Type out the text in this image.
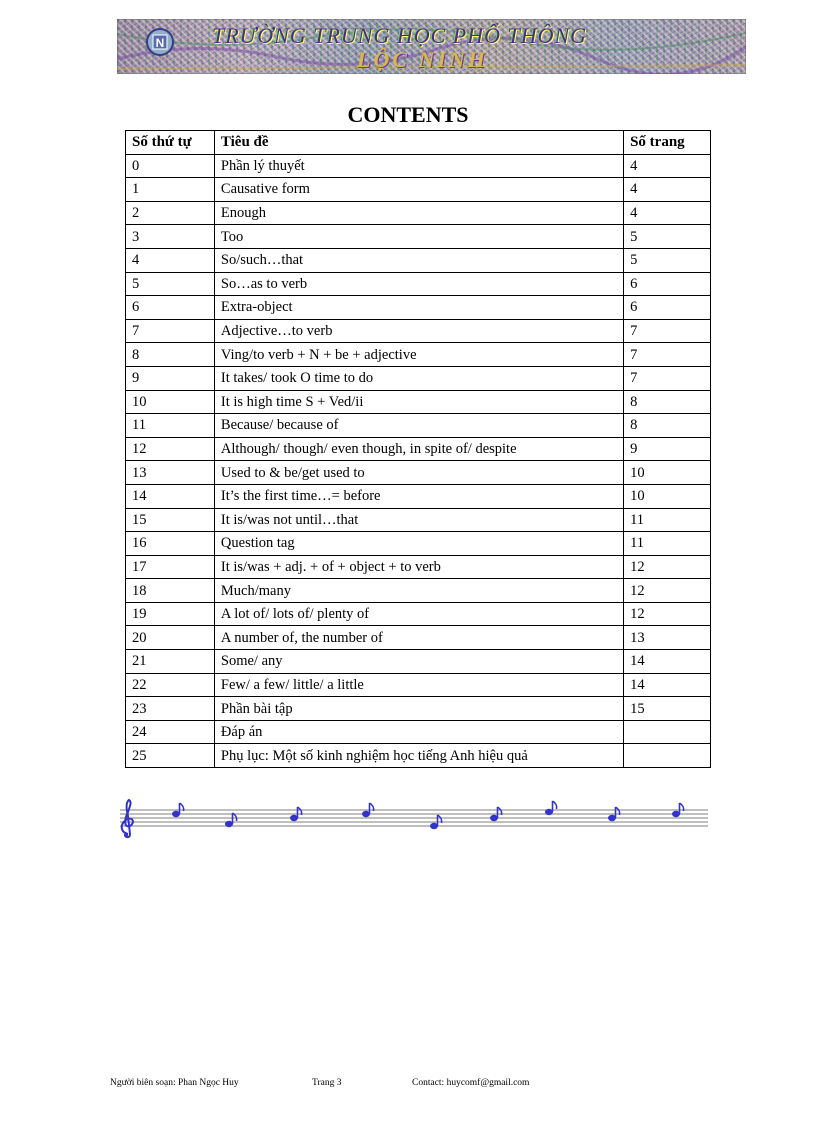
N TRƯỜNG TRUNG HỌC PHỔ THÔNG
LỘC NINH
CONTENTS
Số thứ tự	Tiêu đề	Số trang
0	Phần lý thuyết	4
1	Causative form	4
2	Enough	4
3	Too	5
4	So/such…that	5
5	So…as to verb	6
6	Extra-object	6
7	Adjective…to verb	7
8	Ving/to verb + N + be + adjective	7
9	It takes/ took O time to do	7
10	It is high time S + Ved/ii	8
11	Because/ because of	8
12	Although/ though/ even though, in spite of/ despite	9
13	Used to & be/get used to	10
14	It’s the first time…= before	10
15	It is/was not until…that	11
16	Question tag	11
17	It is/was + adj. + of + object + to verb	12
18	Much/many	12
19	A lot of/ lots of/ plenty of	12
20	A number of, the number of	13
21	Some/ any	14
22	Few/ a few/ little/ a little	14
23	Phần bài tập	15
24	Đáp án	
25	Phụ lục: Một số kinh nghiệm học tiếng Anh hiệu quả	
Người biên soạn: Phan Ngọc Huy	Trang 3	Contact: huycomf@gmail.com
